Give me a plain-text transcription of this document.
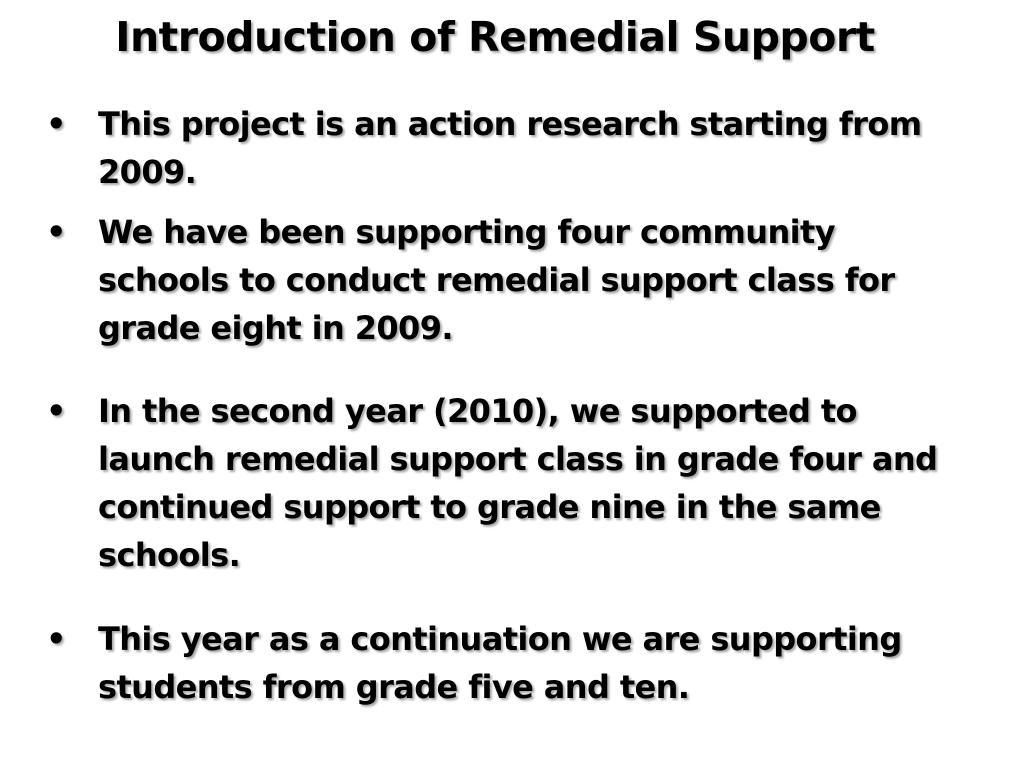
Introduction of Remedial Support
• This project is an action research starting from 2009.
• We have been supporting four community schools to conduct remedial support class for grade eight in 2009.
• In the second year (2010), we supported to launch remedial support class in grade four and continued support to grade nine in the same schools.
• This year as a continuation we are supporting students from grade five and ten.
